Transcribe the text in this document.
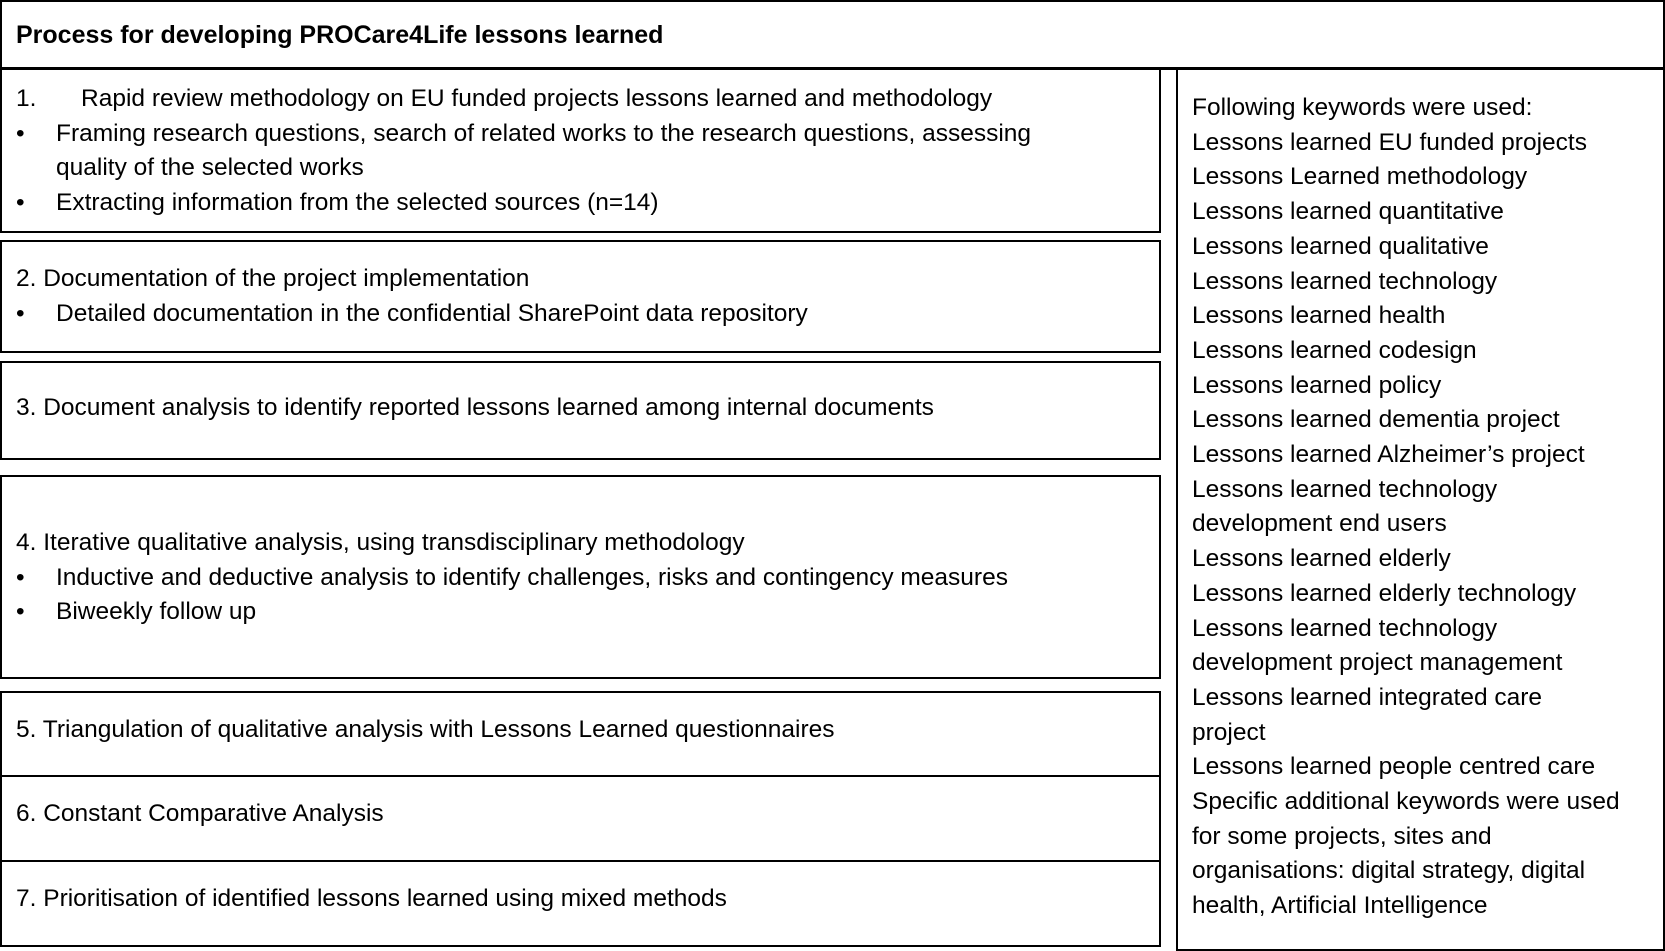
Process for developing PROCare4Life lessons learned
1. Rapid review methodology on EU funded projects lessons learned and methodology
• Framing research questions, search of related works to the research questions, assessing
quality of the selected works
• Extracting information from the selected sources (n=14)
2. Documentation of the project implementation
• Detailed documentation in the confidential SharePoint data repository
3. Document analysis to identify reported lessons learned among internal documents
4. Iterative qualitative analysis, using transdisciplinary methodology
• Inductive and deductive analysis to identify challenges, risks and contingency measures
• Biweekly follow up
5. Triangulation of qualitative analysis with Lessons Learned questionnaires
6. Constant Comparative Analysis
7. Prioritisation of identified lessons learned using mixed methods
Following keywords were used:
Lessons learned EU funded projects
Lessons Learned methodology
Lessons learned quantitative
Lessons learned qualitative
Lessons learned technology
Lessons learned health
Lessons learned codesign
Lessons learned policy
Lessons learned dementia project
Lessons learned Alzheimer’s project
Lessons learned technology
development end users
Lessons learned elderly
Lessons learned elderly technology
Lessons learned technology
development project management
Lessons learned integrated care
project
Lessons learned people centred care
Specific additional keywords were used
for some projects, sites and
organisations: digital strategy, digital
health, Artificial Intelligence
